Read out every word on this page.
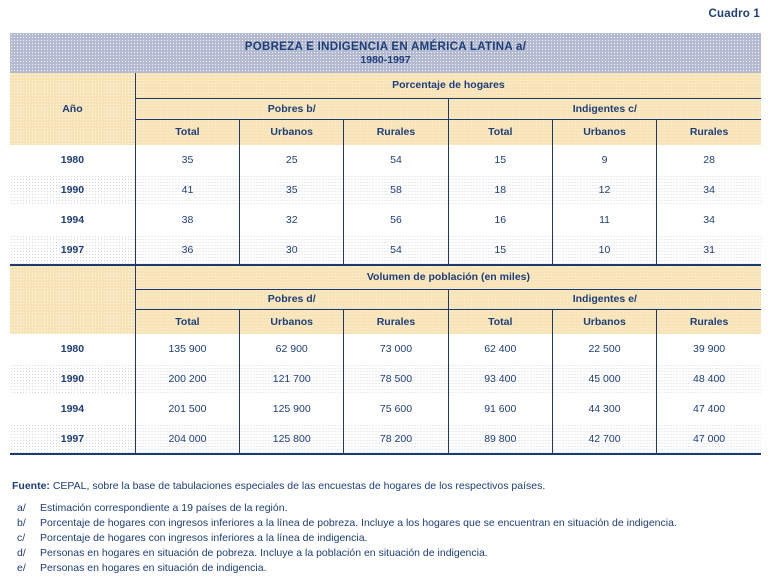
Cuadro 1
POBREZA E INDIGENCIA EN AMÉRICA LATINA a/
1980-1997
Año	Porcentaje de hogares					
	Pobres b/			Indigentes c/		
	Total	Urbanos	Rurales	Total	Urbanos	Rurales
1980	35	25	54	15	9	28
1990	41	35	58	18	12	34
1994	38	32	56	16	11	34
1997	36	30	54	15	10	31
	Volumen de población (en miles)					
	Pobres d/			Indigentes e/		
	Total	Urbanos	Rurales	Total	Urbanos	Rurales
1980	135 900	62 900	73 000	62 400	22 500	39 900
1990	200 200	121 700	78 500	93 400	45 000	48 400
1994	201 500	125 900	75 600	91 600	44 300	47 400
1997	204 000	125 800	78 200	89 800	42 700	47 000

Fuente: CEPAL, sobre la base de tabulaciones especiales de las encuestas de hogares de los respectivos países.

a/	Estimación correspondiente a 19 países de la región.
b/	Porcentaje de hogares con ingresos inferiores a la línea de pobreza. Incluye a los hogares que se encuentran en situación de indigencia.
c/	Porcentaje de hogares con ingresos inferiores a la línea de indigencia.
d/	Personas en hogares en situación de pobreza. Incluye a la población en situación de indigencia.
e/	Personas en hogares en situación de indigencia.
